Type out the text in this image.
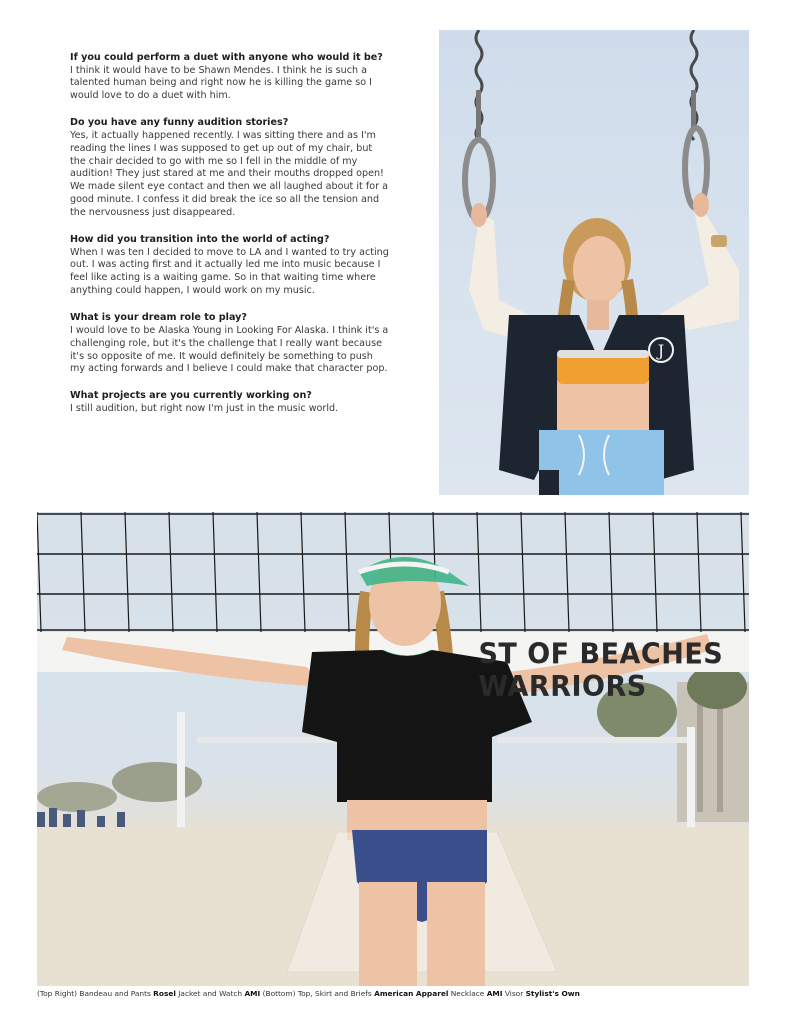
If you could perform a duet with anyone who would it be?

I think it would have to be Shawn Mendes. I think he is such a talented human being and right now he is killing the game so I would love to do a duet with him.

Do you have any funny audition stories?

Yes, it actually happened recently. I was sitting there and as I'm reading the lines I was supposed to get up out of my chair, but the chair decided to go with me so I fell in the middle of my audition! They just stared at me and their mouths dropped open! We made silent eye contact and then we all laughed about it for a good minute. I confess it did break the ice so all the tension and the nervousness just disappeared.

How did you transition into the world of acting?

When I was ten I decided to move to LA and I wanted to try acting out. I was acting first and it actually led me into music because I feel like acting is a waiting game. So in that waiting time where anything could happen, I would work on my music.

What is your dream role to play?

I would love to be Alaska Young in Looking For Alaska. I think it's a challenging role, but it's the challenge that I really want because it's so opposite of me. It would definitely be something to push my acting forwards and I believe I could make that character pop.

What projects are you currently working on?

I still audition, but right now I'm just in the music world.

J
ST OF BEACHES WARRIORS
(Top Right) Bandeau and Pants Rosel Jacket and Watch AMI (Bottom) Top, Skirt and Briefs American Apparel Necklace AMI Visor Stylist's Own
